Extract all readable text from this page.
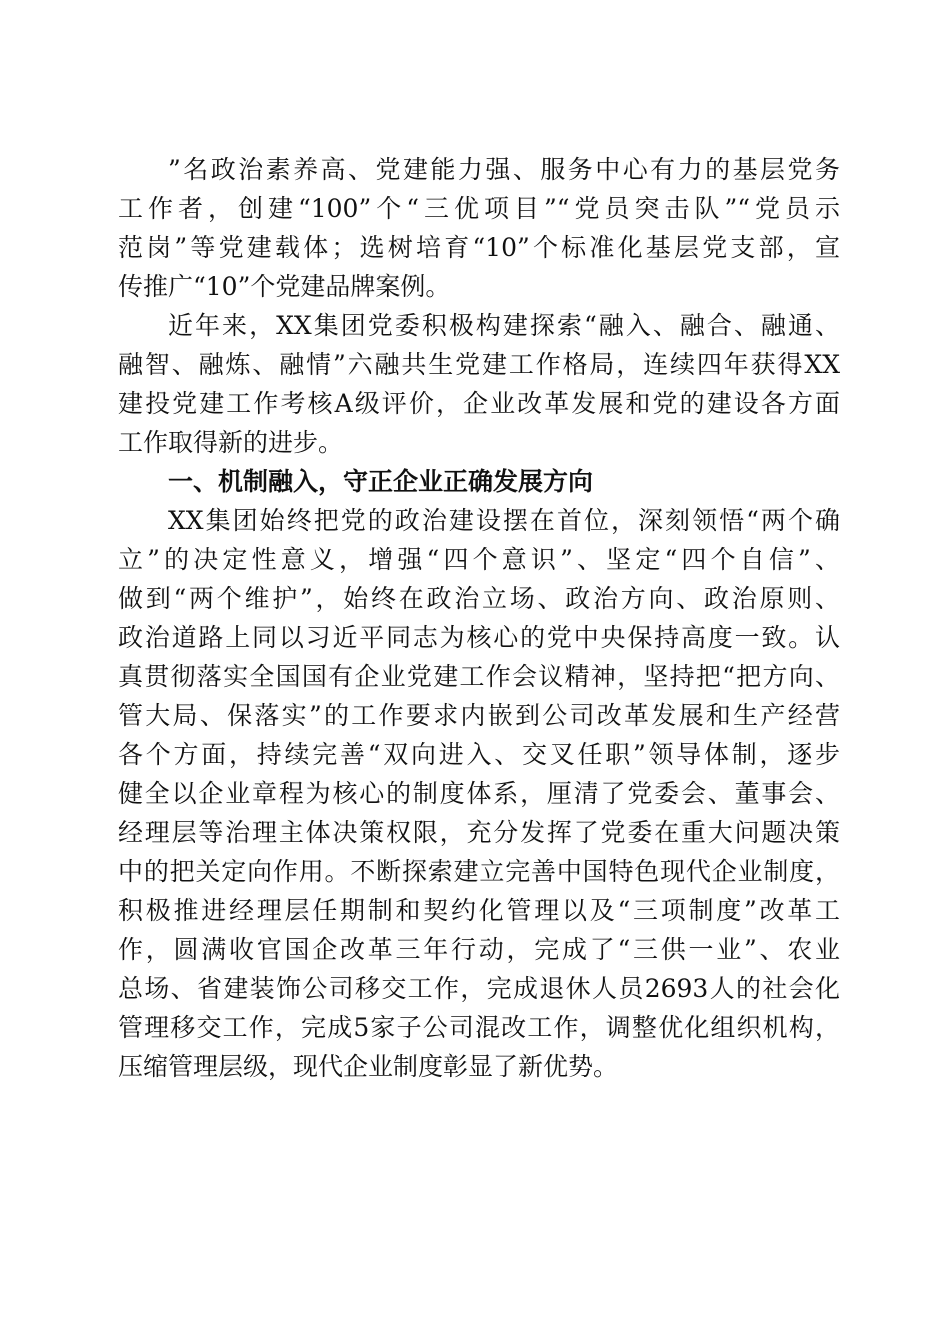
”名政治素养高、党建能力强、服务中心有力的基层党务
工作者，创建“100”个“三优项目”“党员突击队”“党员示
范岗”等党建载体；选树培育“10”个标准化基层党支部，宣
传推广“10”个党建品牌案例。
近年来，XX集团党委积极构建探索“融入、融合、融通、
融智、融炼、融情”六融共生党建工作格局，连续四年获得XX
建投党建工作考核A级评价，企业改革发展和党的建设各方面
工作取得新的进步。
一、机制融入，守正企业正确发展方向
XX集团始终把党的政治建设摆在首位，深刻领悟“两个确
立”的决定性意义，增强“四个意识”、坚定“四个自信”、
做到“两个维护”，始终在政治立场、政治方向、政治原则、
政治道路上同以习近平同志为核心的党中央保持高度一致。认
真贯彻落实全国国有企业党建工作会议精神，坚持把“把方向、
管大局、保落实”的工作要求内嵌到公司改革发展和生产经营
各个方面，持续完善“双向进入、交叉任职”领导体制，逐步
健全以企业章程为核心的制度体系，厘清了党委会、董事会、
经理层等治理主体决策权限，充分发挥了党委在重大问题决策
中的把关定向作用。不断探索建立完善中国特色现代企业制度，
积极推进经理层任期制和契约化管理以及“三项制度”改革工
作，圆满收官国企改革三年行动，完成了“三供一业”、农业
总场、省建装饰公司移交工作，完成退休人员2693人的社会化
管理移交工作，完成5家子公司混改工作，调整优化组织机构，
压缩管理层级，现代企业制度彰显了新优势。
